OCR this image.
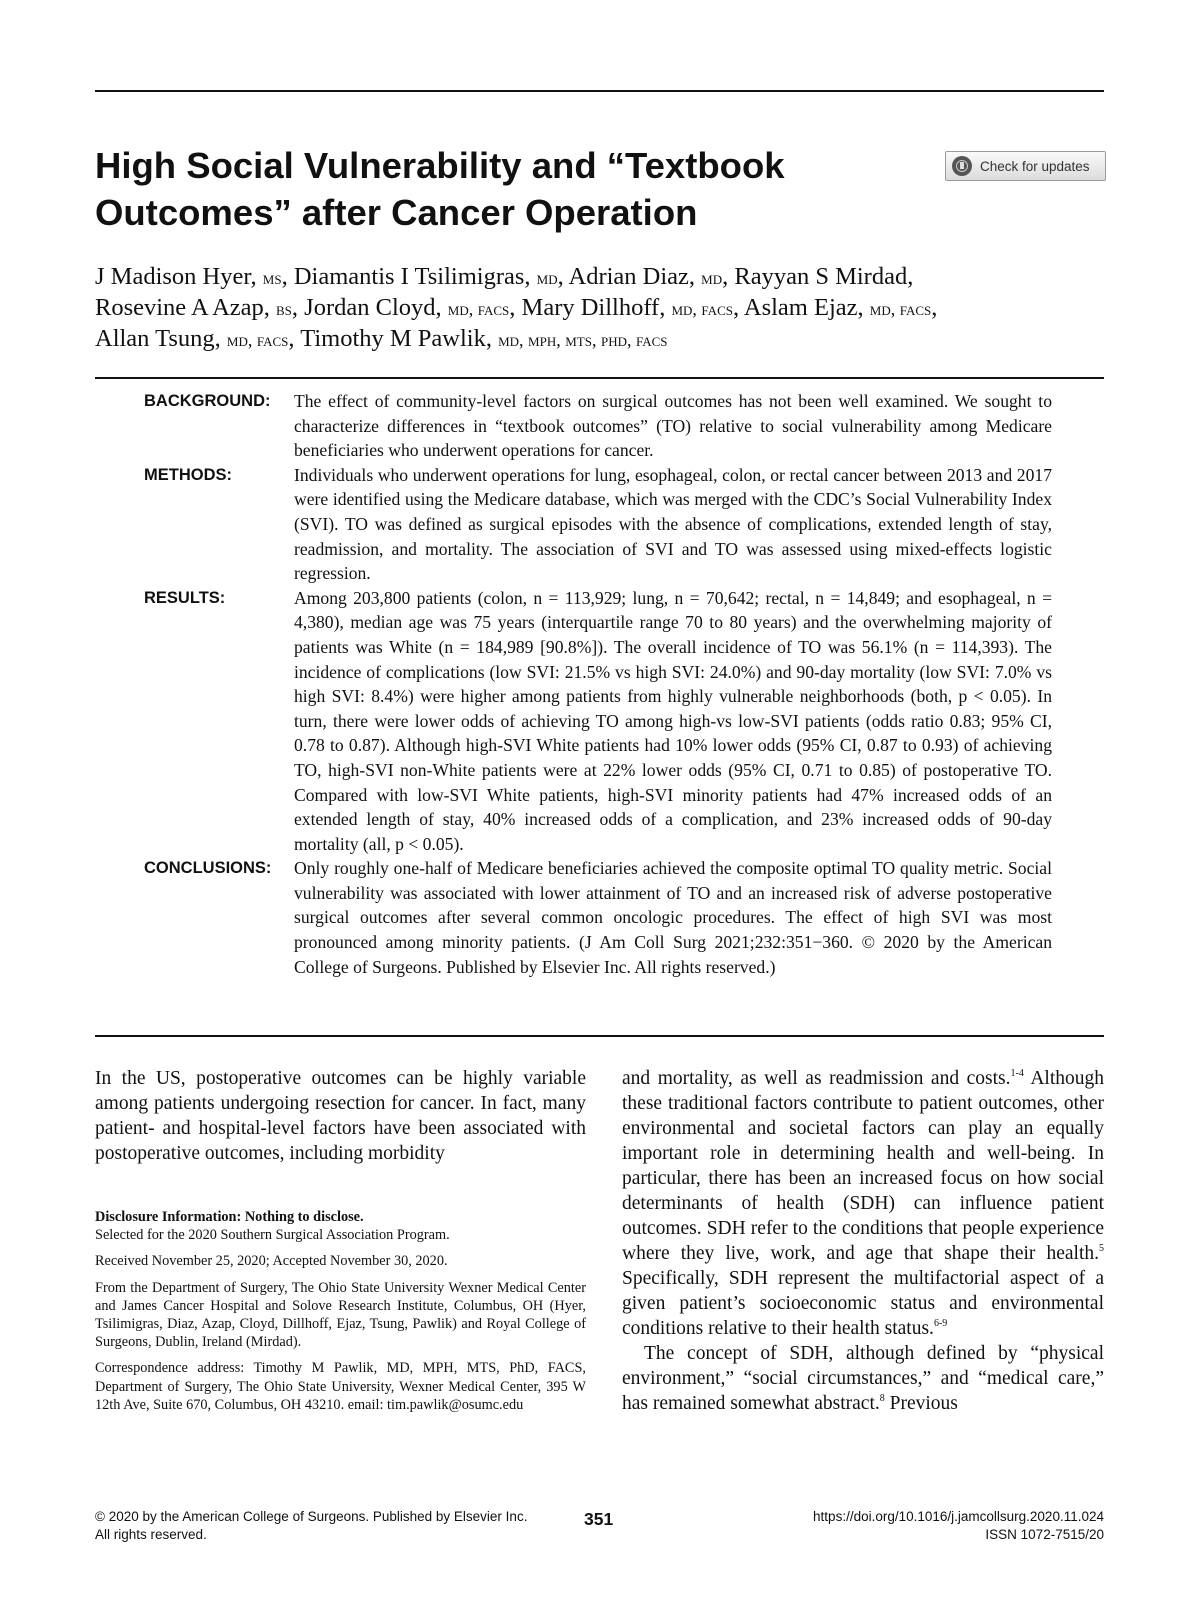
High Social Vulnerability and “Textbook
Outcomes” after Cancer Operation
Check for updates
J Madison Hyer, ms, Diamantis I Tsilimigras, md, Adrian Diaz, md, Rayyan S Mirdad,
Rosevine A Azap, bs, Jordan Cloyd, md, facs, Mary Dillhoff, md, facs, Aslam Ejaz, md, facs,
Allan Tsung, md, facs, Timothy M Pawlik, md, mph, mts, phd, facs
BACKGROUND: The effect of community-level factors on surgical outcomes has not been well examined. We sought to characterize differences in “textbook outcomes” (TO) relative to social vulnerability among Medicare beneficiaries who underwent operations for cancer.
METHODS:	Individuals who underwent operations for lung, esophageal, colon, or rectal cancer between 2013 and 2017 were identified using the Medicare database, which was merged with the CDC’s Social Vulnerability Index (SVI). TO was defined as surgical episodes with the absence of complications, extended length of stay, readmission, and mortality. The association of SVI and TO was assessed using mixed-effects logistic regression.
RESULTS:	Among 203,800 patients (colon, n = 113,929; lung, n = 70,642; rectal, n = 14,849; and esophageal, n = 4,380), median age was 75 years (interquartile range 70 to 80 years) and the overwhelming majority of patients was White (n = 184,989 [90.8%]). The overall incidence of TO was 56.1% (n = 114,393). The incidence of complications (low SVI: 21.5% vs high SVI: 24.0%) and 90-day mortality (low SVI: 7.0% vs high SVI: 8.4%) were higher among patients from highly vulnerable neighborhoods (both, p < 0.05). In turn, there were lower odds of achieving TO among high-vs low-SVI patients (odds ratio 0.83; 95% CI, 0.78 to 0.87). Although high-SVI White patients had 10% lower odds (95% CI, 0.87 to 0.93) of achieving TO, high-SVI non-White patients were at 22% lower odds (95% CI, 0.71 to 0.85) of postoperative TO. Compared with low-SVI White patients, high-SVI minority patients had 47% increased odds of an extended length of stay, 40% increased odds of a complication, and 23% increased odds of 90-day mortality (all, p < 0.05).
CONCLUSIONS: Only roughly one-half of Medicare beneficiaries achieved the composite optimal TO quality metric. Social vulnerability was associated with lower attainment of TO and an increased risk of adverse postoperative surgical outcomes after several common oncologic procedures. The effect of high SVI was most pronounced among minority patients. (J Am Coll Surg 2021;232:351−360. © 2020 by the American College of Surgeons. Published by Elsevier Inc. All rights reserved.)

In the US, postoperative outcomes can be highly variable among patients undergoing resection for cancer. In fact, many patient- and hospital-level factors have been associated with postoperative outcomes, including morbidity

Disclosure Information: Nothing to disclose.

Selected for the 2020 Southern Surgical Association Program.

Received November 25, 2020; Accepted November 30, 2020.

From the Department of Surgery, The Ohio State University Wexner Medical Center and James Cancer Hospital and Solove Research Institute, Columbus, OH (Hyer, Tsilimigras, Diaz, Azap, Cloyd, Dillhoff, Ejaz, Tsung, Pawlik) and Royal College of Surgeons, Dublin, Ireland (Mirdad).

Correspondence address: Timothy M Pawlik, MD, MPH, MTS, PhD, FACS, Department of Surgery, The Ohio State University, Wexner Medical Center, 395 W 12th Ave, Suite 670, Columbus, OH 43210. email: tim.pawlik@osumc.edu

and mortality, as well as readmission and costs.$^{1-4}$ Although these traditional factors contribute to patient outcomes, other environmental and societal factors can play an equally important role in determining health and well-being. In particular, there has been an increased focus on how social determinants of health (SDH) can influence patient outcomes. SDH refer to the conditions that people experience where they live, work, and age that shape their health.$^5$ Specifically, SDH represent the multifactorial aspect of a given patient’s socioeconomic status and environmental conditions relative to their health status.$^{6-9}$

The concept of SDH, although defined by “physical environment,” “social circumstances,” and “medical care,” has remained somewhat abstract.$^8$ Previous

© 2020 by the American College of Surgeons. Published by Elsevier Inc.
All rights reserved.
351	https://doi.org/10.1016/j.jamcollsurg.2020.11.024
ISSN 1072-7515/20
